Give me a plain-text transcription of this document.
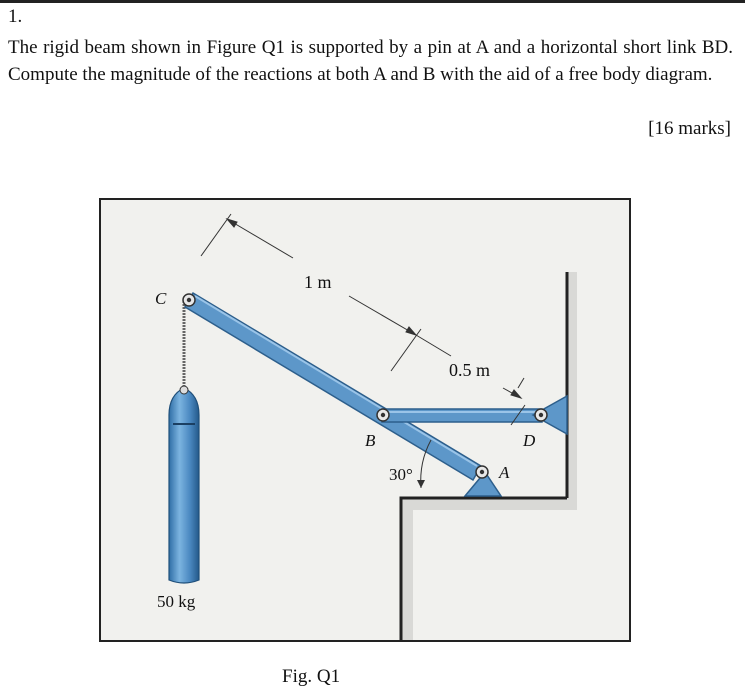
1.

The rigid beam shown in Figure Q1 is supported by a pin at A and a horizontal short link BD. Compute the magnitude of the reactions at both A and B with the aid of a free body diagram.

[16 marks]
C
B
A
D
1 m
0.5 m
30°
50 kg
Fig. Q1
